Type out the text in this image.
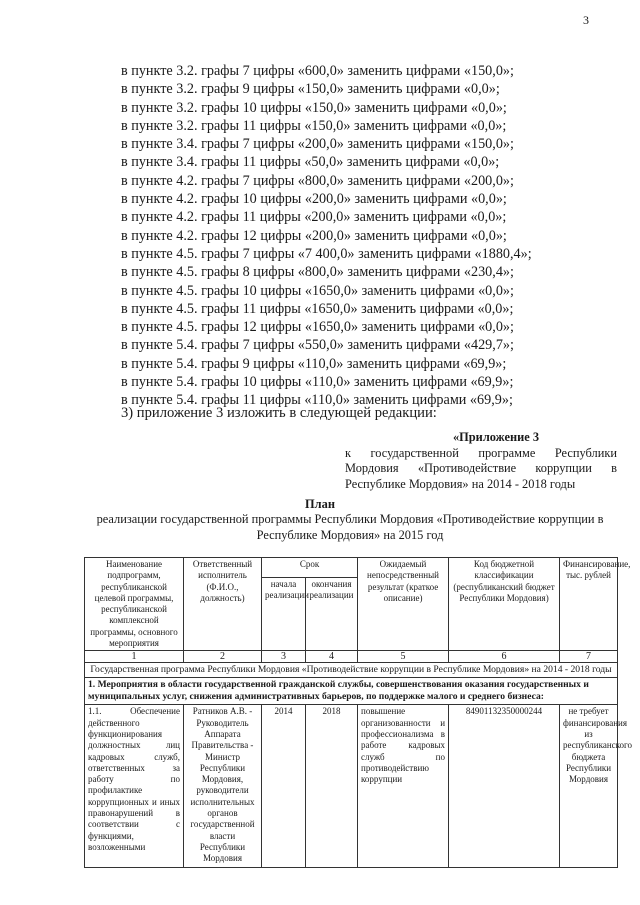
3
в пункте 3.2. графы 7 цифры «600,0» заменить цифрами «150,0»;
в пункте 3.2. графы 9 цифры «150,0» заменить цифрами «0,0»;
в пункте 3.2. графы 10 цифры «150,0» заменить цифрами «0,0»;
в пункте 3.2. графы 11 цифры «150,0» заменить цифрами «0,0»;
в пункте 3.4. графы 7 цифры «200,0» заменить цифрами «150,0»;
в пункте 3.4. графы 11 цифры «50,0» заменить цифрами «0,0»;
в пункте 4.2. графы 7 цифры «800,0» заменить цифрами «200,0»;
в пункте 4.2. графы 10 цифры «200,0» заменить цифрами «0,0»;
в пункте 4.2. графы 11 цифры «200,0» заменить цифрами «0,0»;
в пункте 4.2. графы 12 цифры «200,0» заменить цифрами «0,0»;
в пункте 4.5. графы 7 цифры «7 400,0» заменить цифрами «1880,4»;
в пункте 4.5. графы 8 цифры «800,0» заменить цифрами «230,4»;
в пункте 4.5. графы 10 цифры «1650,0» заменить цифрами «0,0»;
в пункте 4.5. графы 11 цифры «1650,0» заменить цифрами «0,0»;
в пункте 4.5. графы 12 цифры «1650,0» заменить цифрами «0,0»;
в пункте 5.4. графы 7 цифры «550,0» заменить цифрами «429,7»;
в пункте 5.4. графы 9 цифры «110,0» заменить цифрами «69,9»;
в пункте 5.4. графы 10 цифры «110,0» заменить цифрами «69,9»;
в пункте 5.4. графы 11 цифры «110,0» заменить цифрами «69,9»;
3) приложение 3 изложить в следующей редакции:
«Приложение 3
к государственной программе Республики Мордовия «Противодействие коррупции в Республике Мордовия» на 2014 - 2018 годы
План
реализации государственной программы Республики Мордовия «Противодействие коррупции в Республике Мордовия» на 2015 год
Наименование подпрограмм, республиканской целевой программы, республиканской комплексной программы, основного мероприятия	Ответственный исполнитель (Ф.И.О., должность)	Срок		Ожидаемый непосредственный результат (краткое описание)	Код бюджетной классификации (республиканский бюджет Республики Мордовия)	Финансирование, тыс. рублей
		начала реализации	окончания реализации			
1	2	3	4	5	6	7
Государственная программа Республики Мордовия «Противодействие коррупции в Республике Мордовия» на 2014 - 2018 годы						
1. Мероприятия в области государственной гражданской службы, совершенствования оказания государственных и муниципальных услуг, снижения административных барьеров, по поддержке малого и среднего бизнеса:						
1.1. Обеспечение действенного функционирования должностных лиц кадровых служб, ответственных за работу по профилактике коррупционных и иных правонарушений в соответствии с функциями, возложенными	Ратников А.В. - Руководитель Аппарата Правительства - Министр Республики Мордовия, руководители исполнительных органов государственной власти Республики Мордовия	2014	2018	повышение организованности и профессионализма в работе кадровых служб по противодействию коррупции	84901132350000244	не требует финансирования из республиканского бюджета Республики Мордовия
